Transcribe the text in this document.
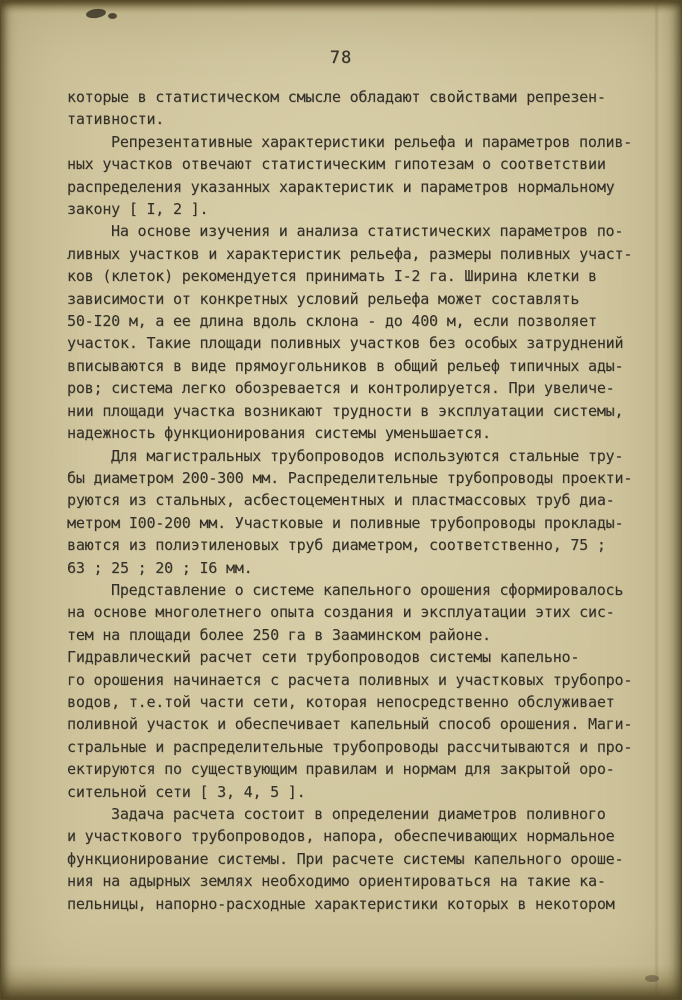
78
которые в статистическом смысле обладают свойствами репрезен-
тативности.
Репрезентативные характеристики рельефа и параметров полив-
ных участков отвечают статистическим гипотезам о соответствии
распределения указанных характеристик и параметров нормальному
закону [ I, 2 ].
На основе изучения и анализа статистических параметров по-
ливных участков и характеристик рельефа, размеры поливных участ-
ков (клеток) рекомендуется принимать I-2 га. Ширина клетки в
зависимости от конкретных условий рельефа может составлять
50-I20 м, а ее длина вдоль склона - до 400 м, если позволяет
участок. Такие площади поливных участков без особых затруднений
вписываются в виде прямоугольников в общий рельеф типичных ады-
ров; система легко обозревается и контролируется. При увеличе-
нии площади участка возникают трудности в эксплуатации системы,
надежность функционирования системы уменьшается.
Для магистральных трубопроводов используются стальные тру-
бы диаметром 200-300 мм. Распределительные трубопроводы проекти-
руются из стальных, асбестоцементных и пластмассовых труб диа-
метром I00-200 мм. Участковые и поливные трубопроводы проклады-
ваются из полиэтиленовых труб диаметром, соответственно, 75 ;
63 ; 25 ; 20 ; I6 мм.
Представление о системе капельного орошения сформировалось
на основе многолетнего опыта создания и эксплуатации этих сис-
тем на площади более 250 га в Зааминском районе.
Гидравлический расчет сети трубопроводов системы капельно-
го орошения начинается с расчета поливных и участковых трубопро-
водов, т.е.той части сети, которая непосредственно обслуживает
поливной участок и обеспечивает капельный способ орошения. Маги-
стральные и распределительные трубопроводы рассчитываются и про-
ектируются по существующим правилам и нормам для закрытой оро-
сительной сети [ 3, 4, 5 ].
Задача расчета состоит в определении диаметров поливного
и участкового трубопроводов, напора, обеспечивающих нормальное
функционирование системы. При расчете системы капельного ороше-
ния на адырных землях необходимо ориентироваться на такие ка-
пельницы, напорно-расходные характеристики которых в некотором
